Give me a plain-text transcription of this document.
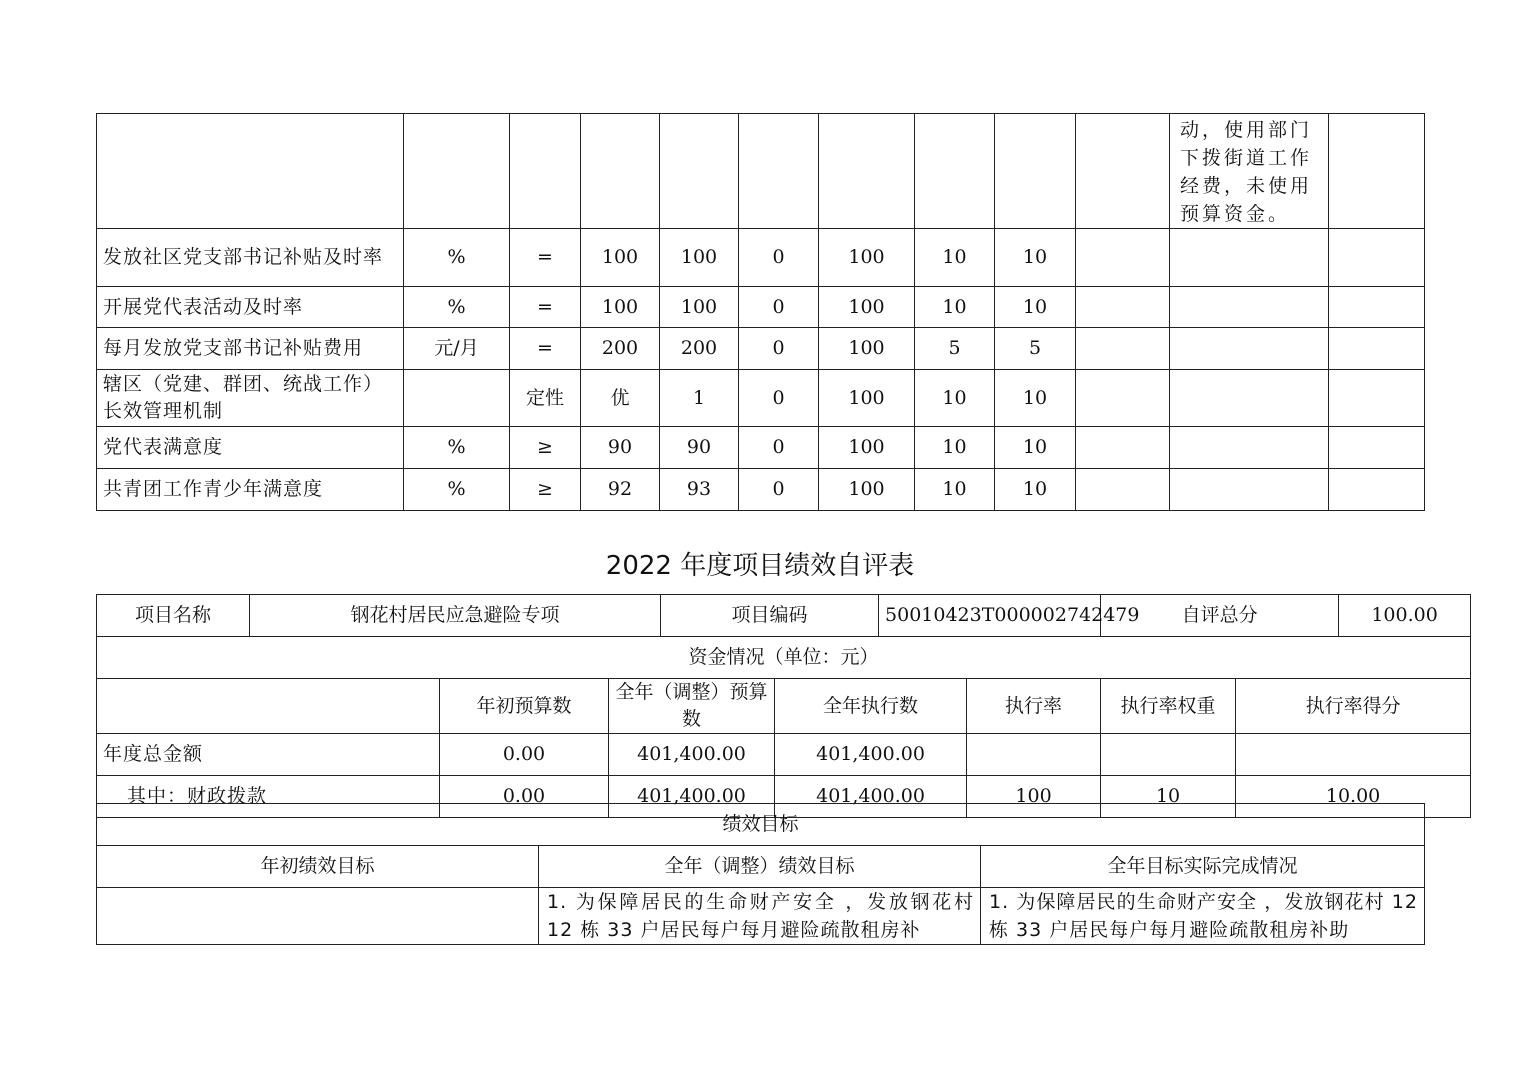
										动，使用部门下拨街道工作经费，未使用预算资金。	
发放社区党支部书记补贴及时率	%	=	100	100	0	100	10	10			
开展党代表活动及时率	%	=	100	100	0	100	10	10			
每月发放党支部书记补贴费用	元/月	=	200	200	0	100	5	5			
辖区（党建、群团、统战工作）长效管理机制		定性	优	1	0	100	10	10			
党代表满意度	%	≥	90	90	0	100	10	10			
共青团工作青少年满意度	%	≥	92	93	0	100	10	10			
2022 年度项目绩效自评表
项目名称	钢花村居民应急避险专项			项目编码		50010423T000002742479		自评总分		100.00
资金情况（单位：元）										
		年初预算数	全年（调整）预算数		全年执行数		执行率	执行率权重	执行率得分	
年度总金额		0.00	401,400.00		401,400.00					
其中：财政拨款		0.00	401,400.00		401,400.00		100	10	10.00	
绩效目标		
年初绩效目标	全年（调整）绩效目标	全年目标实际完成情况
	1. 为保障居民的生命财产安全 ，发放钢花村 12 栋 33 户居民每户每月避险疏散租房补	1. 为保障居民的生命财产安全 ，发放钢花村 12 栋 33 户居民每户每月避险疏散租房补助
